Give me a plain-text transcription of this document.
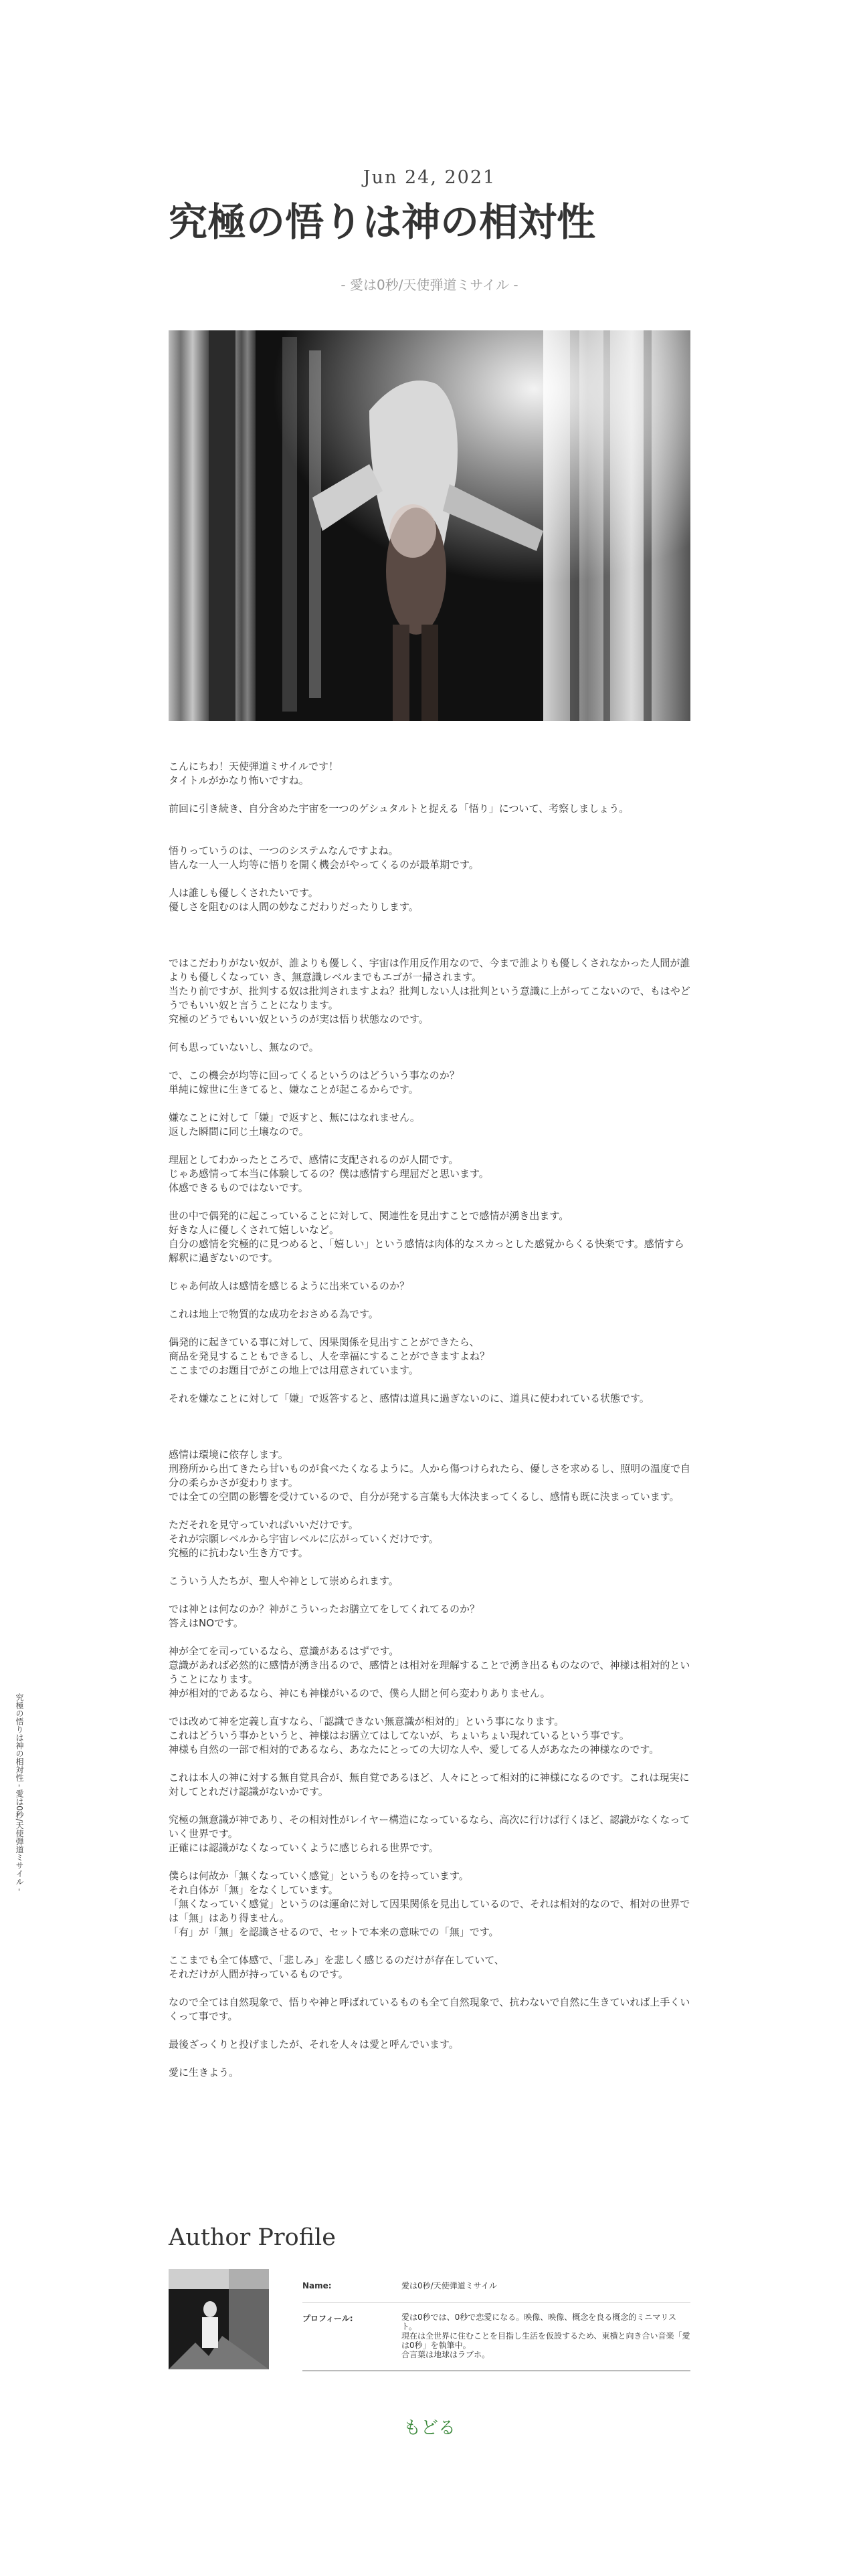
究極の悟りは神の相対性 - 愛は0秒/天使弾道ミサイル -
Jun 24, 2021
究極の悟りは神の相対性
- 愛は0秒/天使弾道ミサイル -

こんにちわ！天使弾道ミサイルです！
タイトルがかなり怖いですね。

前回に引き続き、自分含めた宇宙を一つのゲシュタルトと捉える「悟り」について、考察しましょう。

悟りっていうのは、一つのシステムなんですよね。
皆んな一人一人均等に悟りを開く機会がやってくるのが最革期です。

人は誰しも優しくされたいです。
優しさを阻むのは人間の妙なこだわりだったりします。

ではこだわりがない奴が、誰よりも優しく、宇宙は作用反作用なので、今まで誰よりも優しくされなかった人間が誰よりも優しくなってい き、無意識レベルまでもエゴが一掃されます。
当たり前ですが、批判する奴は批判されますよね？批判しない人は批判という意識に上がってこないので、もはやどうでもいい奴と言うことになります。
究極のどうでもいい奴というのが実は悟り状態なのです。

何も思っていないし、無なので。

で、この機会が均等に回ってくるというのはどういう事なのか？
単純に嫁世に生きてると、嫌なことが起こるからです。

嫌なことに対して「嫌」で返すと、無にはなれません。
返した瞬間に同じ土壌なので。

理屈としてわかったところで、感情に支配されるのが人間です。
じゃあ感情って本当に体験してるの？僕は感情すら理屈だと思います。
体感できるものではないです。

世の中で偶発的に起こっていることに対して、関連性を見出すことで感情が湧き出ます。
好きな人に優しくされて嬉しいなど。
自分の感情を究極的に見つめると、「嬉しい」という感情は肉体的なスカっとした感覚からくる快楽です。感情すら解釈に過ぎないのです。

じゃあ何故人は感情を感じるように出来ているのか？

これは地上で物質的な成功をおさめる為です。

偶発的に起きている事に対して、因果関係を見出すことができたら、
商品を発見することもできるし、人を幸福にすることができますよね？
ここまでのお題目でがこの地上では用意されています。

それを嫌なことに対して「嫌」で返答すると、感情は道具に過ぎないのに、道具に使われている状態です。

感情は環境に依存します。
刑務所から出てきたら甘いものが食べたくなるように。人から傷つけられたら、優しさを求めるし、照明の温度で自分の柔らかさが変わります。
では全ての空間の影響を受けているので、自分が発する言葉も大体決まってくるし、感情も既に決まっています。

ただそれを見守っていればいいだけです。
それが宗願レベルから宇宙レベルに広がっていくだけです。
究極的に抗わない生き方です。

こういう人たちが、聖人や神として崇められます。

では神とは何なのか？神がこういったお膳立てをしてくれてるのか？
答えはNOです。

神が全てを司っているなら、意識があるはずです。
意識があれば必然的に感情が湧き出るので、感情とは相対を理解することで湧き出るものなので、神様は相対的ということになります。
神が相対的であるなら、神にも神様がいるので、僕ら人間と何ら変わりありません。

では改めて神を定義し直すなら、「認識できない無意識が相対的」という事になります。
これはどういう事かというと、神様はお膳立てはしてないが、ちょいちょい現れているという事です。
神様も自然の一部で相対的であるなら、あなたにとっての大切な人や、愛してる人があなたの神様なのです。

これは本人の神に対する無自覚具合が、無自覚であるほど、人々にとって相対的に神様になるのです。これは現実に対してとれだけ認識がないかです。

究極の無意識が神であり、その相対性がレイヤー構造になっているなら、高次に行けば行くほど、認識がなくなっていく世界です。
正確には認識がなくなっていくように感じられる世界です。

僕らは何故か「無くなっていく感覚」というものを持っています。
それ自体が「無」をなくしています。
「無くなっていく感覚」というのは運命に対して因果関係を見出しているので、それは相対的なので、相対の世界では「無」はあり得ません。
「有」が「無」を認識させるので、セットで本来の意味での「無」です。

ここまでも全て体感で、「悲しみ」を悲しく感じるのだけが存在していて、
それだけが人間が持っているものです。

なので全ては自然現象で、悟りや神と呼ばれているものも全て自然現象で、抗わないで自然に生きていれば上手くいくって事です。

最後ざっくりと投げましたが、それを人々は愛と呼んでいます。

愛に生きよう。

Author Profile
Name:	愛は0秒/天使弾道ミサイル
プロフィール:	愛は0秒では、0秒で恋愛になる。映像、映像、概念を良る概念的ミニマリスト。
現在は全世界に住むことを目指し生活を仮設するため、東横と向き合い音楽「愛は0秒」を執筆中。
合言葉は地球はラブホ。
もどる
